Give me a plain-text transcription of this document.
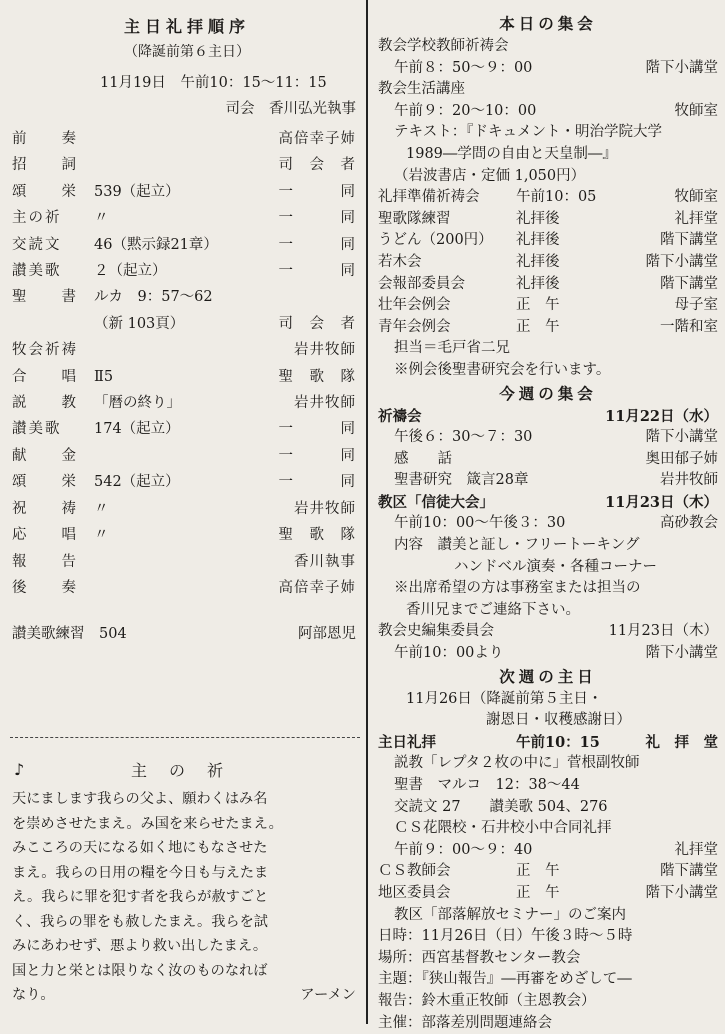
主日礼拝順序
（降誕前第６主日）
11月19日　午前10：15～11：15
司会　香川弘光執事
前　　奏	高倍幸子姉
招　　詞	司　会　者
頌　　栄	539（起立）	一　　　同
主の祈	〃	一　　　同
交読文	46（黙示録21章）	一　　　同
讃美歌	２（起立）	一　　　同
聖　　書	ルカ　9：57～62
（新 103頁）	司　会　者
牧会祈祷	岩井牧師
合　　唱	Ⅱ5	聖　歌　隊
説　　教	「暦の終り」	岩井牧師
讃美歌	174（起立）	一　　　同
献　　金	一　　　同
頌　　栄	542（起立）	一　　　同
祝　　祷	〃	岩井牧師
応　　唱	〃	聖　歌　隊
報　　告	香川執事
後　　奏	高倍幸子姉
讃美歌練習　504	阿部恩児
♪	主の祈

天にまします我らの父よ、願わくはみ名

を崇めさせたまえ。み国を来らせたまえ。

みこころの天になる如く地にもなさせた

まえ。我らの日用の糧を今日も与えたま

え。我らに罪を犯す者を我らが赦すごと

く、我らの罪をも赦したまえ。我らを試

みにあわせず、悪より救い出したまえ。

国と力と栄とは限りなく汝のものなれば

なり。	アーメン

本日の集会
教会学校教師祈祷会
午前８：50～９：00	階下小講堂
教会生活講座
午前９：20～10：00	牧師室
テキスト：『ドキュメント・明治学院大学
1989―学問の自由と天皇制―』
（岩波書店・定価 1,050円）
礼拝準備祈祷会	午前10：05	牧師室
聖歌隊練習	礼拝後	礼拝堂
うどん（200円）	礼拝後	階下講堂
若木会	礼拝後	階下小講堂
会報部委員会	礼拝後	階下講堂
壮年会例会	正　午	母子室
青年会例会	正　午	一階和室
担当＝毛戸省二兄
※例会後聖書研究会を行います。
今週の集会
祈禱会	11月22日（水）
午後６：30～７：30	階下小講堂
感　　話	奥田郁子姉
聖書研究　箴言28章	岩井牧師
教区「信徒大会」	11月23日（木）
午前10：00～午後３：30	高砂教会
内容　讃美と証し・フリートーキング
ハンドベル演奏・各種コーナー
※出席希望の方は事務室または担当の
香川兄までご連絡下さい。
教会史編集委員会	11月23日（木）
午前10：00より	階下小講堂
次週の主日
11月26日（降誕前第５主日・
謝恩日・収穫感謝日）
主日礼拝	午前10：15	礼　拝　堂
説教「レプタ２枚の中に」菅根副牧師
聖書　マルコ　12：38～44
交読文 27　　讃美歌 504、276
ＣＳ花隈校・石井校小中合同礼拝
午前９：00～９：40	礼拝堂
ＣＳ教師会	正　午	階下講堂
地区委員会	正　午	階下小講堂
教区「部落解放セミナー」のご案内
日時：11月26日（日）午後３時～５時
場所：西宮基督教センター教会
主題：『狭山報告』―再審をめざして―
報告：鈴木重正牧師（主恩教会）
主催：部落差別問題連絡会
